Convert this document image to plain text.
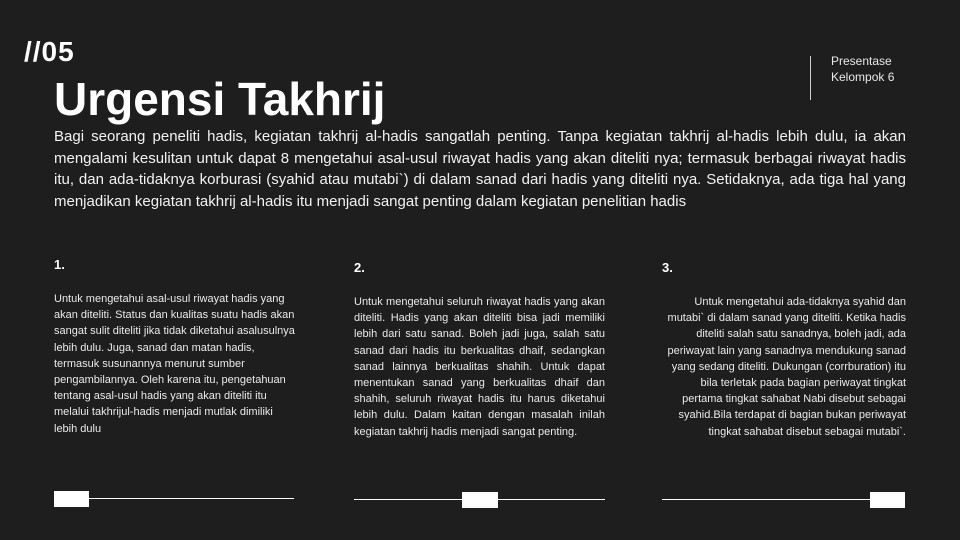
//05
Urgensi Takhrij
Presentase Kelompok 6

Bagi seorang peneliti hadis, kegiatan takhrij al-hadis sangatlah penting. Tanpa kegiatan takhrij al-hadis lebih dulu, ia akan mengalami kesulitan untuk dapat 8 mengetahui asal-usul riwayat hadis yang akan diteliti nya; termasuk berbagai riwayat hadis itu, dan ada-tidaknya korburasi (syahid atau mutabi`) di dalam sanad dari hadis yang diteliti nya. Setidaknya, ada tiga hal yang menjadikan kegiatan takhrij al-hadis itu menjadi sangat penting dalam kegiatan penelitian hadis

1.

Untuk mengetahui asal-usul riwayat hadis yang akan diteliti. Status dan kualitas suatu hadis akan sangat sulit diteliti jika tidak diketahui asalusulnya lebih dulu. Juga, sanad dan matan hadis, termasuk susunannya menurut sumber pengambilannya. Oleh karena itu, pengetahuan tentang asal-usul hadis yang akan diteliti itu melalui takhrijul-hadis menjadi mutlak dimiliki lebih dulu

2.

Untuk mengetahui seluruh riwayat hadis yang akan diteliti. Hadis yang akan diteliti bisa jadi memiliki lebih dari satu sanad. Boleh jadi juga, salah satu sanad dari hadis itu berkualitas dhaif, sedangkan sanad lainnya berkualitas shahih. Untuk dapat menentukan sanad yang berkualitas dhaif dan shahih, seluruh riwayat hadis itu harus diketahui lebih dulu. Dalam kaitan dengan masalah inilah kegiatan takhrij hadis menjadi sangat penting.

3.

Untuk mengetahui ada-tidaknya syahid dan mutabi` di dalam sanad yang diteliti. Ketika hadis diteliti salah satu sanadnya, boleh jadi, ada periwayat lain yang sanadnya mendukung sanad yang sedang diteliti. Dukungan (corrburation) itu bila terletak pada bagian periwayat tingkat pertama tingkat sahabat Nabi disebut sebagai syahid.Bila terdapat di bagian bukan periwayat tingkat sahabat disebut sebagai mutabi`.
